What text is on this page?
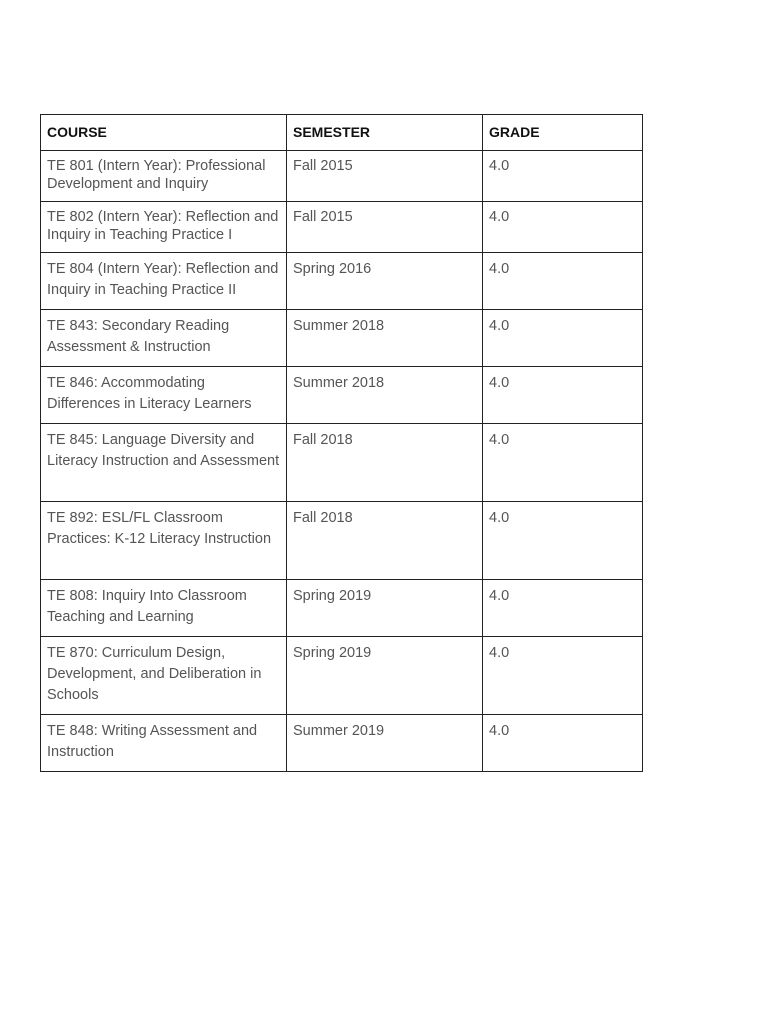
COURSE	SEMESTER	GRADE
TE 801 (Intern Year): Professional Development and Inquiry	Fall 2015	4.0
TE 802 (Intern Year): Reflection and Inquiry in Teaching Practice I	Fall 2015	4.0
TE 804 (Intern Year): Reflection and Inquiry in Teaching Practice II	Spring 2016	4.0
TE 843: Secondary Reading Assessment & Instruction	Summer 2018	4.0
TE 846: Accommodating Differences in Literacy Learners	Summer 2018	4.0
TE 845: Language Diversity and Literacy Instruction and Assessment	Fall 2018	4.0
TE 892: ESL/FL Classroom Practices: K-12 Literacy Instruction	Fall 2018	4.0
TE 808: Inquiry Into Classroom Teaching and Learning	Spring 2019	4.0
TE 870: Curriculum Design, Development, and Deliberation in Schools	Spring 2019	4.0
TE 848: Writing Assessment and Instruction	Summer 2019	4.0
